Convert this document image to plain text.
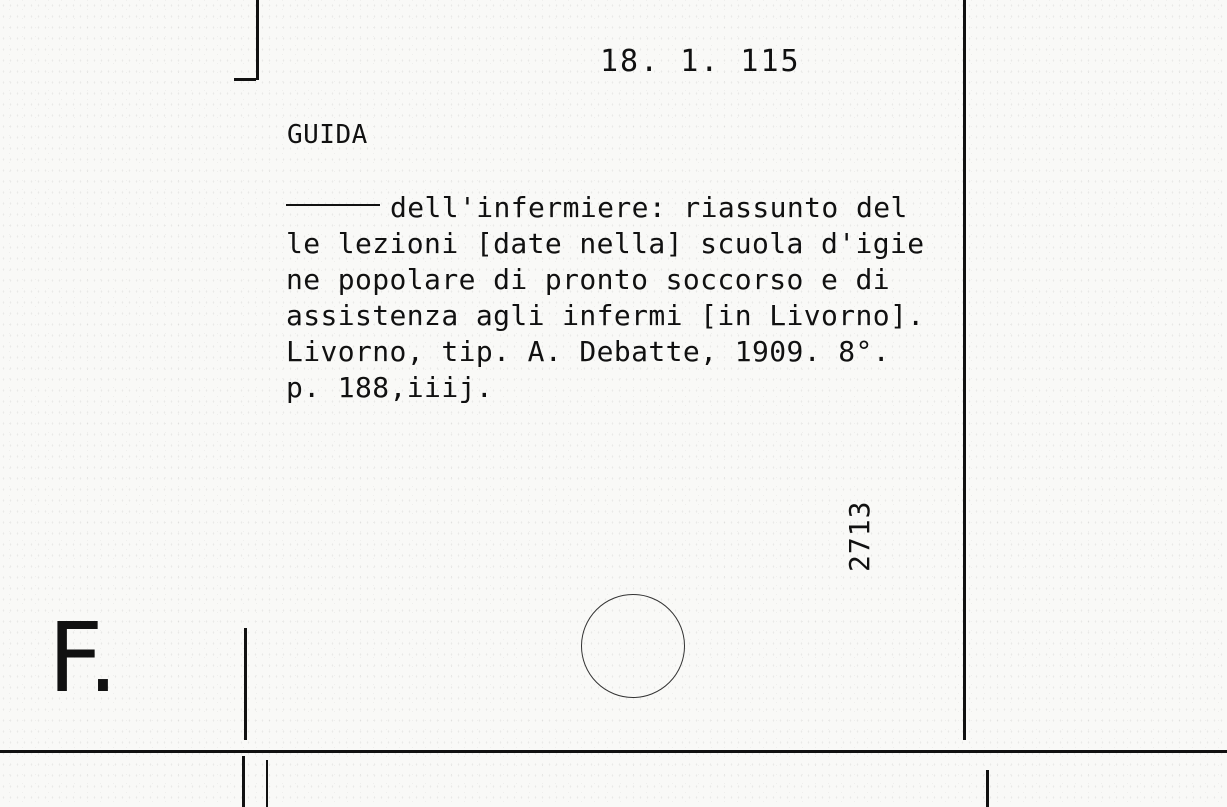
18. 1. 115
GUIDA
dell'infermiere: riassunto del
le lezioni [date nella] scuola d'igie
ne popolare di pronto soccorso e di
assistenza agli infermi [in Livorno].
Livorno, tip. A. Debatte, 1909. 8°.
p. 188,iiij.
2713
F.
